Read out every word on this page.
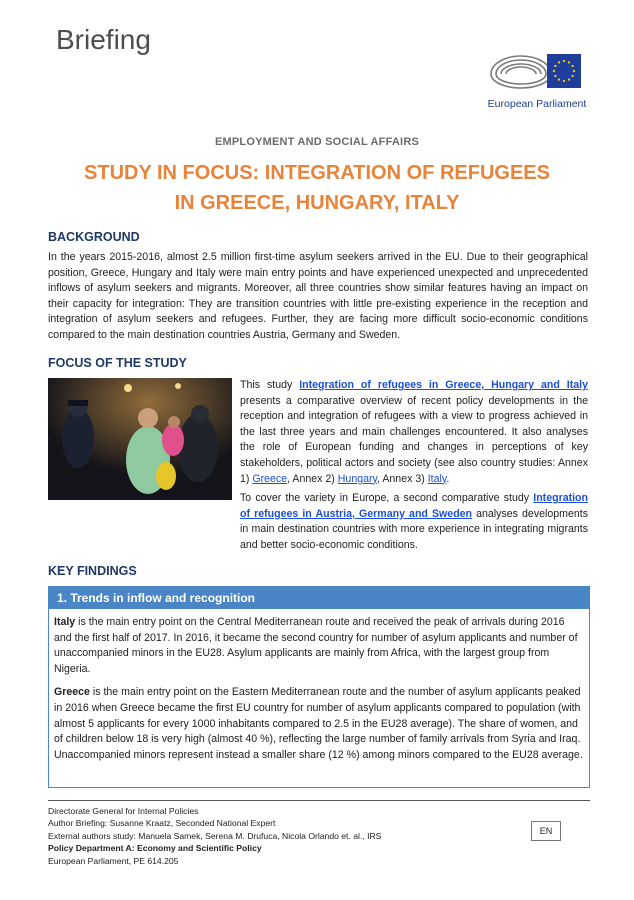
Briefing
European Parliament
EMPLOYMENT AND SOCIAL AFFAIRS
STUDY IN FOCUS: INTEGRATION OF REFUGEES
IN GREECE, HUNGARY, ITALY
BACKGROUND
In the years 2015-2016, almost 2.5 million first-time asylum seekers arrived in the EU. Due to their geographical position, Greece, Hungary and Italy were main entry points and have experienced unexpected and unprecedented inflows of asylum seekers and migrants. Moreover, all three countries show similar features having an impact on their capacity for integration: They are transition countries with little pre-existing experience in the reception and integration of asylum seekers and refugees. Further, they are facing more difficult socio-economic conditions compared to the main destination countries Austria, Germany and Sweden.
FOCUS OF THE STUDY

This study Integration of refugees in Greece, Hungary and Italy presents a comparative overview of recent policy developments in the reception and integration of refugees with a view to progress achieved in the last three years and main challenges encountered. It also analyses the role of European funding and changes in perceptions of key stakeholders, political actors and society (see also country studies: Annex 1) Greece, Annex 2) Hungary, Annex 3) Italy.

To cover the variety in Europe, a second comparative study Integration of refugees in Austria, Germany and Sweden analyses developments in main destination countries with more experience in integrating migrants and better socio-economic conditions.

KEY FINDINGS
1. Trends in inflow and recognition

Italy is the main entry point on the Central Mediterranean route and received the peak of arrivals during 2016 and the first half of 2017. In 2016, it became the second country for number of asylum applicants and number of unaccompanied minors in the EU28. Asylum applicants are mainly from Africa, with the largest group from Nigeria.

Greece is the main entry point on the Eastern Mediterranean route and the number of asylum applicants peaked in 2016 when Greece became the first EU country for number of asylum applicants compared to population (with almost 5 applicants for every 1000 inhabitants compared to 2.5 in the EU28 average). The share of women, and of children below 18 is very high (almost 40 %), reflecting the large number of family arrivals from Syria and Iraq. Unaccompanied minors represent instead a smaller share (12 %) among minors compared to the EU28 average.

Directorate General for Internal Policies
Author Briefing: Susanne Kraatz, Seconded National Expert
External authors study: Manuela Samek, Serena M. Drufuca, Nicola Orlando et. al., IRS
Policy Department A: Economy and Scientific Policy
European Parliament, PE 614.205
EN
